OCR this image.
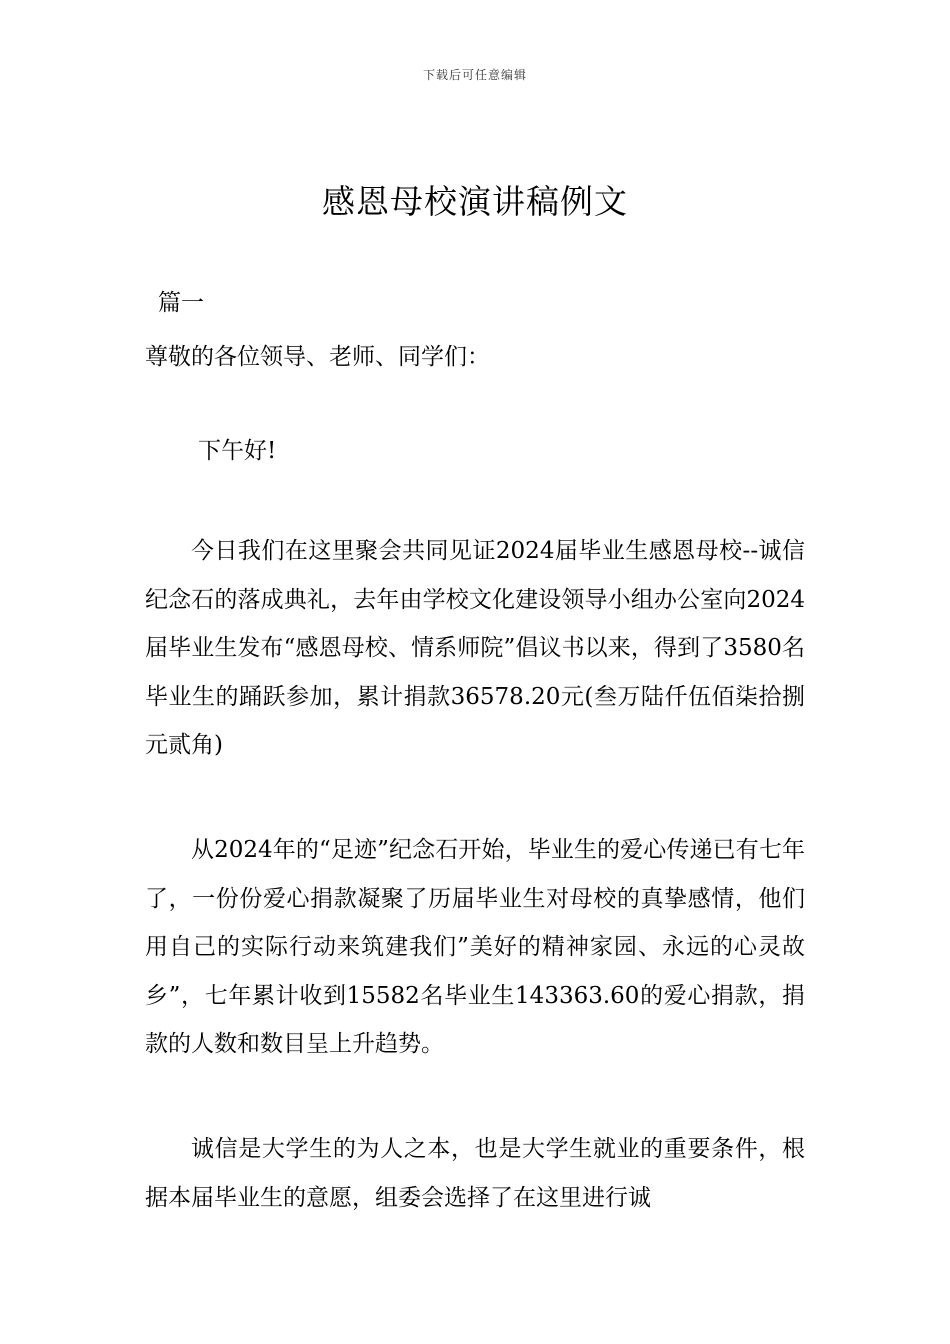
下载后可任意编辑
感恩母校演讲稿例文

篇一

尊敬的各位领导、老师、同学们：

下午好!

今日我们在这里聚会共同见证2024届毕业生感恩母校--诚信纪念石的落成典礼，去年由学校文化建设领导小组办公室向2024届毕业生发布“感恩母校、情系师院”倡议书以来，得到了3580名毕业生的踊跃参加，累计捐款36578.20元(叁万陆仟伍佰柒拾捌元贰角)

从2024年的“足迹”纪念石开始，毕业生的爱心传递已有七年了，一份份爱心捐款凝聚了历届毕业生对母校的真挚感情，他们用自己的实际行动来筑建我们”美好的精神家园、永远的心灵故乡”，七年累计收到15582名毕业生143363.60的爱心捐款，捐款的人数和数目呈上升趋势。

诚信是大学生的为人之本，也是大学生就业的重要条件，根据本届毕业生的意愿，组委会选择了在这里进行诚
